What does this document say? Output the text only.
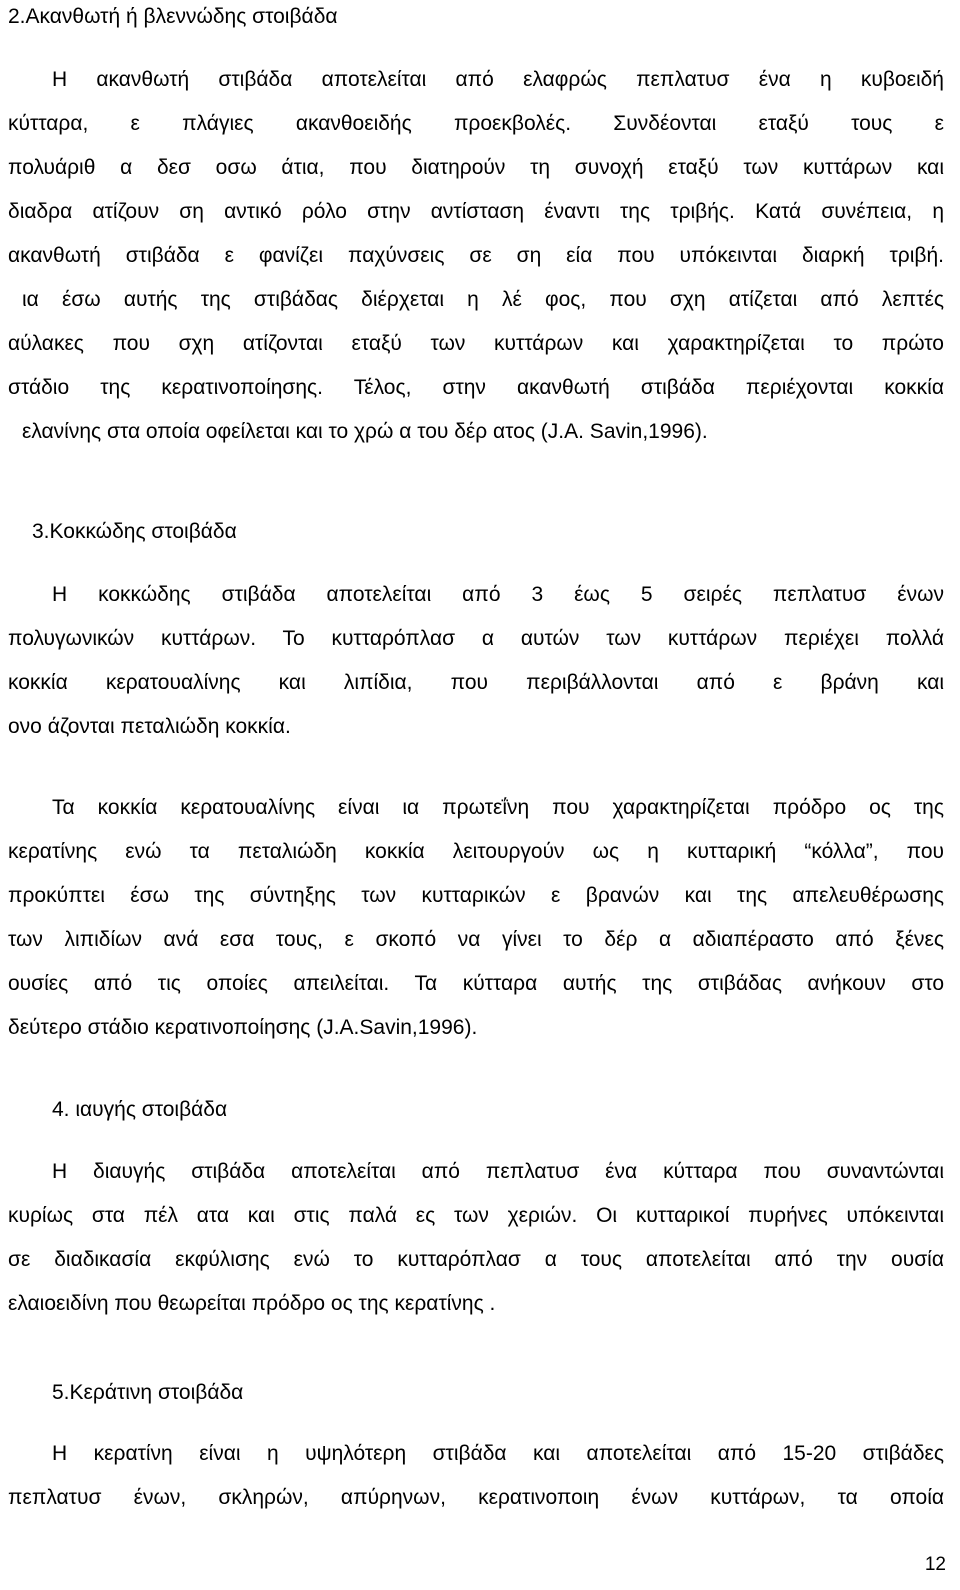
2.Ακανθωτή ή βλεννώδης στοιβάδα
Η ακανθωτή στιβάδα αποτελείται από ελαφρώς πεπλατυσ ένα η κυβοειδή
κύτταρα, ε πλάγιες ακανθοειδής προεκβολές. Συνδέονται εταξύ τους ε
πολυάριθ α δεσ οσω άτια, που διατηρούν τη συνοχή εταξύ των κυττάρων και
διαδρα ατίζουν ση αντικό ρόλο στην αντίσταση έναντι της τριβής. Κατά συνέπεια, η
ακανθωτή στιβάδα ε φανίζει παχύνσεις σε ση εία που υπόκεινται διαρκή τριβή.
ια έσω αυτής της στιβάδας διέρχεται η λέ φος, που σχη ατίζεται από λεπτές
αύλακες που σχη ατίζονται εταξύ των κυττάρων και χαρακτηρίζεται το πρώτο
στάδιο της κερατινοποίησης. Τέλος, στην ακανθωτή στιβάδα περιέχονται κοκκία
ελανίνης στα οποία οφείλεται και το χρώ α του δέρ ατος (J.A. Savin,1996).
3.Κοκκώδης στοιβάδα
Η κοκκώδης στιβάδα αποτελείται από 3 έως 5 σειρές πεπλατυσ ένων
πολυγωνικών κυττάρων. Το κυτταρόπλασ α αυτών των κυττάρων περιέχει πολλά
κοκκία κερατουαλίνης και λιπίδια, που περιβάλλονται από ε βράνη και
ονο άζονται πεταλιώδη κοκκία.
Τα κοκκία κερατουαλίνης είναι ια πρωτεΐνη που χαρακτηρίζεται πρόδρο ος της
κερατίνης ενώ τα πεταλιώδη κοκκία λειτουργούν ως η κυτταρική “κόλλα”, που
προκύπτει έσω της σύντηξης των κυτταρικών ε βρανών και της απελευθέρωσης
των λιπιδίων ανά εσα τους, ε σκοπό να γίνει το δέρ α αδιαπέραστο από ξένες
ουσίες από τις οποίες απειλείται. Τα κύτταρα αυτής της στιβάδας ανήκουν στο
δεύτερο στάδιο κερατινοποίησης (J.A.Savin,1996).
4. ιαυγής στοιβάδα
Η διαυγής στιβάδα αποτελείται από πεπλατυσ ένα κύτταρα που συναντώνται
κυρίως στα πέλ ατα και στις παλά ες των χεριών. Οι κυτταρικοί πυρήνες υπόκεινται
σε διαδικασία εκφύλισης ενώ το κυτταρόπλασ α τους αποτελείται από την ουσία
ελαιοειδίνη που θεωρείται πρόδρο ος της κερατίνης .
5.Κεράτινη στοιβάδα
Η κερατίνη είναι η υψηλότερη στιβάδα και αποτελείται από 15-20 στιβάδες
πεπλατυσ ένων, σκληρών, απύρηνων, κερατινοποιη ένων κυττάρων, τα οποία
12
